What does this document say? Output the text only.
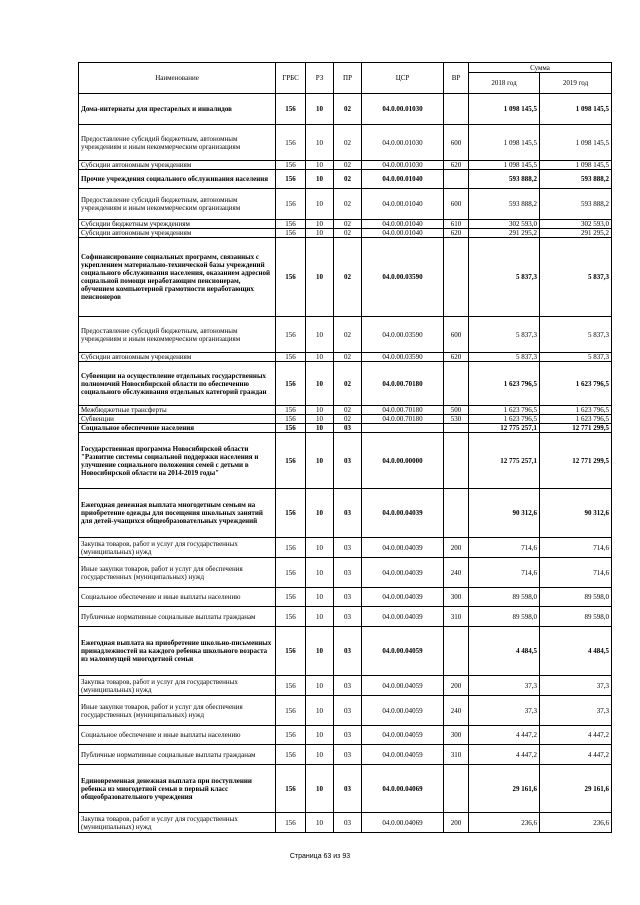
Наименование	ГРБС	РЗ	ПР	ЦСР	ВР	Сумма	
						2018 год	2019 год
Дома-интернаты для престарелых и инвалидов	156	10	02	04.0.00.01030		1 098 145,5	1 098 145,5
Предоставление субсидий бюджетным, автономным учреждениям и иным некоммерческим организациям	156	10	02	04.0.00.01030	600	1 098 145,5	1 098 145,5
Субсидии автономным учреждениям	156	10	02	04.0.00.01030	620	1 098 145,5	1 098 145,5
Прочие учреждения социального обслуживания населения	156	10	02	04.0.00.01040		593 888,2	593 888,2
Предоставление субсидий бюджетным, автономным учреждениям и иным некоммерческим организациям	156	10	02	04.0.00.01040	600	593 888,2	593 888,2
Субсидии бюджетным учреждениям	156	10	02	04.0.00.01040	610	302 593,0	302 593,0
Субсидии автономным учреждениям	156	10	02	04.0.00.01040	620	291 295,2	291 295,2
Софинансирование социальных программ, связанных с укреплением материально-технической базы учреждений социального обслуживания населения, оказанием адресной социальной помощи неработающим пенсионерам, обучением компьютерной грамотности неработающих пенсионеров	156	10	02	04.0.00.03590		5 837,3	5 837,3
Предоставление субсидий бюджетным, автономным учреждениям и иным некоммерческим организациям	156	10	02	04.0.00.03590	600	5 837,3	5 837,3
Субсидии автономным учреждениям	156	10	02	04.0.00.03590	620	5 837,3	5 837,3
Субвенции на осуществление отдельных государственных полномочий Новосибирской области по обеспечению социального обслуживания отдельных категорий граждан	156	10	02	04.0.00.70180		1 623 796,5	1 623 796,5
Межбюджетные трансферты	156	10	02	04.0.00.70180	500	1 623 796,5	1 623 796,5
Субвенции	156	10	02	04.0.00.70180	530	1 623 796,5	1 623 796,5
Социальное обеспечение населения	156	10	03			12 775 257,1	12 771 299,5
Государственная программа Новосибирской области "Развитие системы социальной поддержки населения и улучшение социального положения семей с детьми в Новосибирской области на 2014-2019 годы"	156	10	03	04.0.00.00000		12 775 257,1	12 771 299,5
Ежегодная денежная выплата многодетным семьям на приобретение одежды для посещения школьных занятий для детей-учащихся общеобразовательных учреждений	156	10	03	04.0.00.04039		90 312,6	90 312,6
Закупка товаров, работ и услуг для государственных (муниципальных) нужд	156	10	03	04.0.00.04039	200	714,6	714,6
Иные закупки товаров, работ и услуг для обеспечения государственных (муниципальных) нужд	156	10	03	04.0.00.04039	240	714,6	714,6
Социальное обеспечение и иные выплаты населению	156	10	03	04.0.00.04039	300	89 598,0	89 598,0
Публичные нормативные социальные выплаты гражданам	156	10	03	04.0.00.04039	310	89 598,0	89 598,0
Ежегодная выплата на приобретение школьно-письменных принадлежностей на каждого ребенка школьного возраста из малоимущей многодетной семьи	156	10	03	04.0.00.04059		4 484,5	4 484,5
Закупка товаров, работ и услуг для государственных (муниципальных) нужд	156	10	03	04.0.00.04059	200	37,3	37,3
Иные закупки товаров, работ и услуг для обеспечения государственных (муниципальных) нужд	156	10	03	04.0.00.04059	240	37,3	37,3
Социальное обеспечение и иные выплаты населению	156	10	03	04.0.00.04059	300	4 447,2	4 447,2
Публичные нормативные социальные выплаты гражданам	156	10	03	04.0.00.04059	310	4 447,2	4 447,2
Единовременная денежная выплата при поступлении ребенка из многодетной семьи в первый класс общеобразовательного учреждения	156	10	03	04.0.00.04069		29 161,6	29 161,6
Закупка товаров, работ и услуг для государственных (муниципальных) нужд	156	10	03	04.0.00.04069	200	236,6	236,6
Страница 63 из 93
